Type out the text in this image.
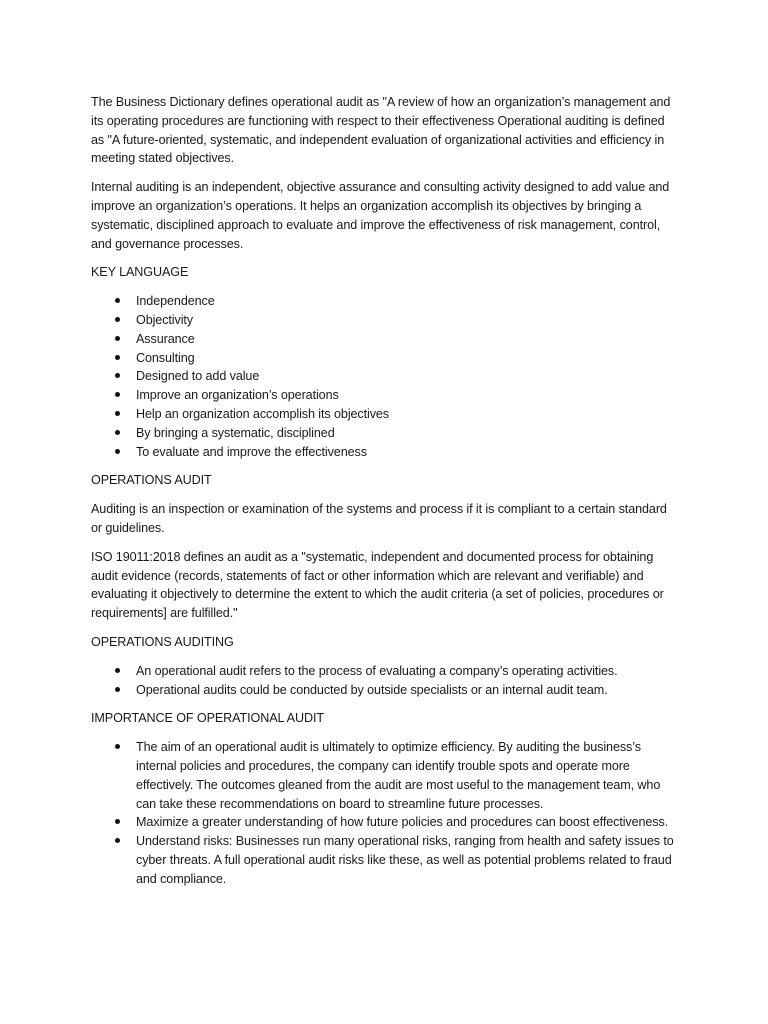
The Business Dictionary defines operational audit as "A review of how an organization’s management and its operating procedures are functioning with respect to their effectiveness Operational auditing is defined as "A future-oriented, systematic, and independent evaluation of organizational activities and efficiency in meeting stated objectives.

Internal auditing is an independent, objective assurance and consulting activity designed to add value and improve an organization’s operations. It helps an organization accomplish its objectives by bringing a systematic, disciplined approach to evaluate and improve the effectiveness of risk management, control, and governance processes.

KEY LANGUAGE

Independence
Objectivity
Assurance
Consulting
Designed to add value
Improve an organization’s operations
Help an organization accomplish its objectives
By bringing a systematic, disciplined
To evaluate and improve the effectiveness

OPERATIONS AUDIT

Auditing is an inspection or examination of the systems and process if it is compliant to a certain standard or guidelines.

ISO 19011:2018 defines an audit as a "systematic, independent and documented process for obtaining audit evidence (records, statements of fact or other information which are relevant and verifiable) and evaluating it objectively to determine the extent to which the audit criteria (a set of policies, procedures or requirements] are fulfilled."

OPERATIONS AUDITING

An operational audit refers to the process of evaluating a company’s operating activities.
Operational audits could be conducted by outside specialists or an internal audit team.

IMPORTANCE OF OPERATIONAL AUDIT

The aim of an operational audit is ultimately to optimize efficiency. By auditing the business’s internal policies and procedures, the company can identify trouble spots and operate more effectively. The outcomes gleaned from the audit are most useful to the management team, who can take these recommendations on board to streamline future processes.
Maximize a greater understanding of how future policies and procedures can boost effectiveness.
Understand risks: Businesses run many operational risks, ranging from health and safety issues to cyber threats. A full operational audit risks like these, as well as potential problems related to fraud and compliance.
